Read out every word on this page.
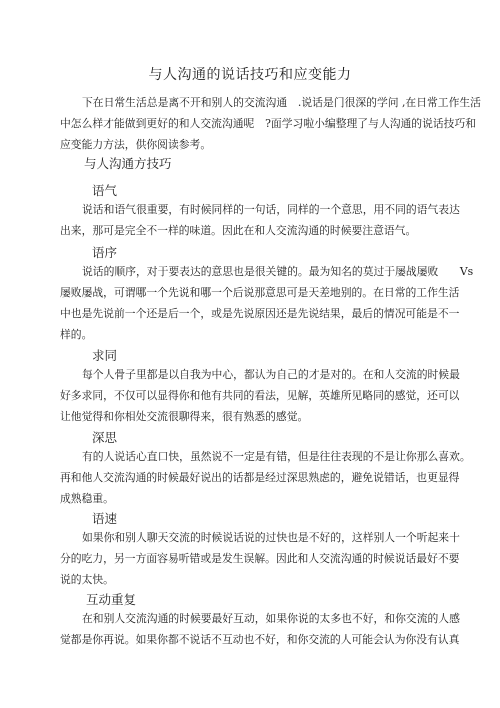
与人沟通的说话技巧和应变能力
下在日常生活总是离不开和别人的交流沟通　.说话是门很深的学问 ,在日常工作生活
中怎么样才能做到更好的和人交流沟通呢　?面学习啦小编整理了与人沟通的说话技巧和
应变能力方法，供你阅读参考。
与人沟通方技巧
语气
说话和语气很重要，有时候同样的一句话，同样的一个意思，用不同的语气表达
出来，那可是完全不一样的味道。因此在和人交流沟通的时候要注意语气。
语序
说话的顺序，对于要表达的意思也是很关键的。最为知名的莫过于屡战屡败　　Vs
屡败屡战，可谓哪一个先说和哪一个后说那意思可是天差地别的。在日常的工作生活
中也是先说前一个还是后一个，或是先说原因还是先说结果，最后的情况可能是不一
样的。
求同
每个人骨子里都是以自我为中心，都认为自己的才是对的。在和人交流的时候最
好多求同，不仅可以显得你和他有共同的看法，见解，英雄所见略同的感觉，还可以
让他觉得和你相处交流很聊得来，很有熟悉的感觉。
深思
有的人说话心直口快，虽然说不一定是有错，但是往往表现的不是让你那么喜欢。
再和他人交流沟通的时候最好说出的话都是经过深思熟虑的，避免说错话，也更显得
成熟稳重。
语速
如果你和别人聊天交流的时候说话说的过快也是不好的，这样别人一个听起来十
分的吃力，另一方面容易听错或是发生误解。因此和人交流沟通的时候说话最好不要
说的太快。
互动重复
在和别人交流沟通的时候要最好互动，如果你说的太多也不好，和你交流的人感
觉都是你再说。如果你都不说话不互动也不好，和你交流的人可能会认为你没有认真
